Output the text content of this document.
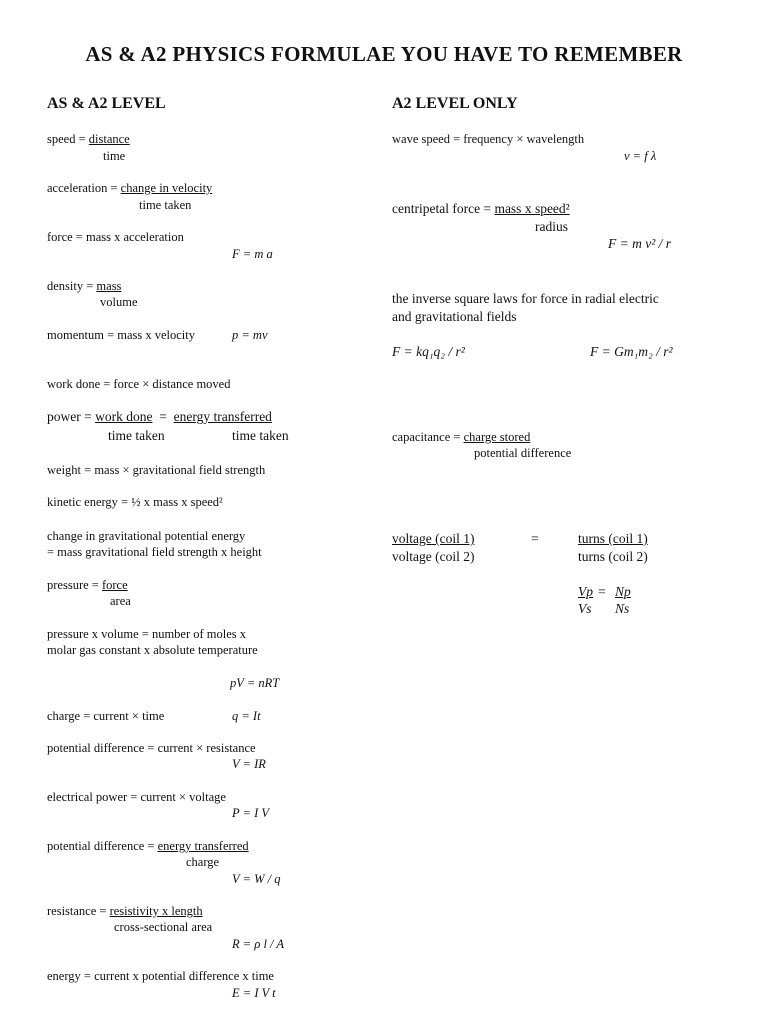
AS & A2 PHYSICS FORMULAE YOU HAVE TO REMEMBER
AS & A2 LEVEL
speed = distance
time
acceleration = change in velocity
time taken
force = mass x acceleration
F = m a
density = mass
volume
momentum = mass x velocity	p = mv
work done = force × distance moved
power = work done  =  energy transferred
time taken	time taken
weight = mass × gravitational field strength
kinetic energy = ½ x mass x speed²
change in gravitational potential energy
= mass gravitational field strength x height
pressure = force
area
pressure x volume = number of moles x
molar gas constant x absolute temperature
pV = nRT
charge = current × time	q = It
potential difference = current × resistance
V = IR
electrical power = current × voltage
P = I V
potential difference = energy transferred
charge
V = W / q
resistance = resistivity x length
cross-sectional area
R = ρ l / A
energy = current x potential difference x time
E = I V t
A2 LEVEL ONLY
wave speed = frequency × wavelength
v = f λ
centripetal force = mass x speed²
radius
F = m v² / r
the inverse square laws for force in radial electric
and gravitational fields
F = kq₁q₂ / r²	F = Gm₁m₂ / r²
capacitance = charge stored
potential difference
voltage (coil 1)	=	turns (coil 1)
voltage (coil 2)	turns (coil 2)
Vp = Np
Vs Ns
